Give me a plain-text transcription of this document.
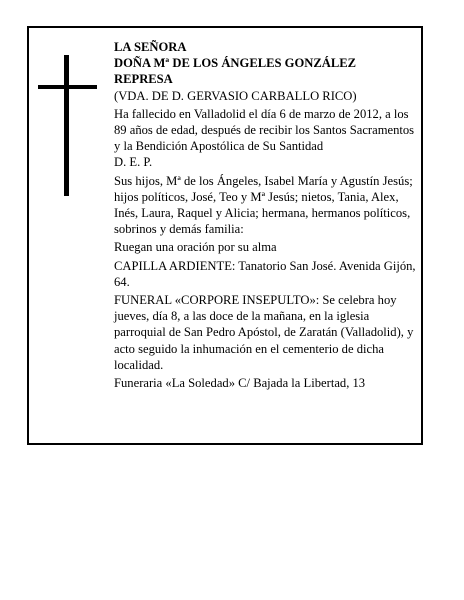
LA SEÑORA
DOÑA Mª DE LOS ÁNGELES GONZÁLEZ
REPRESA

(VDA. DE D. GERVASIO CARBALLO RICO)

Ha fallecido en Valladolid el día 6 de marzo de 2012, a los 89 años de edad, después de recibir los Santos Sacramentos y la Bendición Apostólica de Su Santidad

D. E. P.

Sus hijos, Mª de los Ángeles, Isabel María y Agustín Jesús; hijos políticos, José, Teo y Mª Jesús; nietos, Tania, Alex, Inés, Laura, Raquel y Alicia; hermana, hermanos políticos, sobrinos y demás familia:

Ruegan una oración por su alma

CAPILLA ARDIENTE: Tanatorio San José. Avenida Gijón, 64.

FUNERAL «CORPORE INSEPULTO»: Se celebra hoy jueves, día 8, a las doce de la mañana, en la iglesia parroquial de San Pedro Apóstol, de Zaratán (Valladolid), y acto seguido la inhumación en el cementerio de dicha localidad.

Funeraria «La Soledad» C/ Bajada la Libertad, 13
